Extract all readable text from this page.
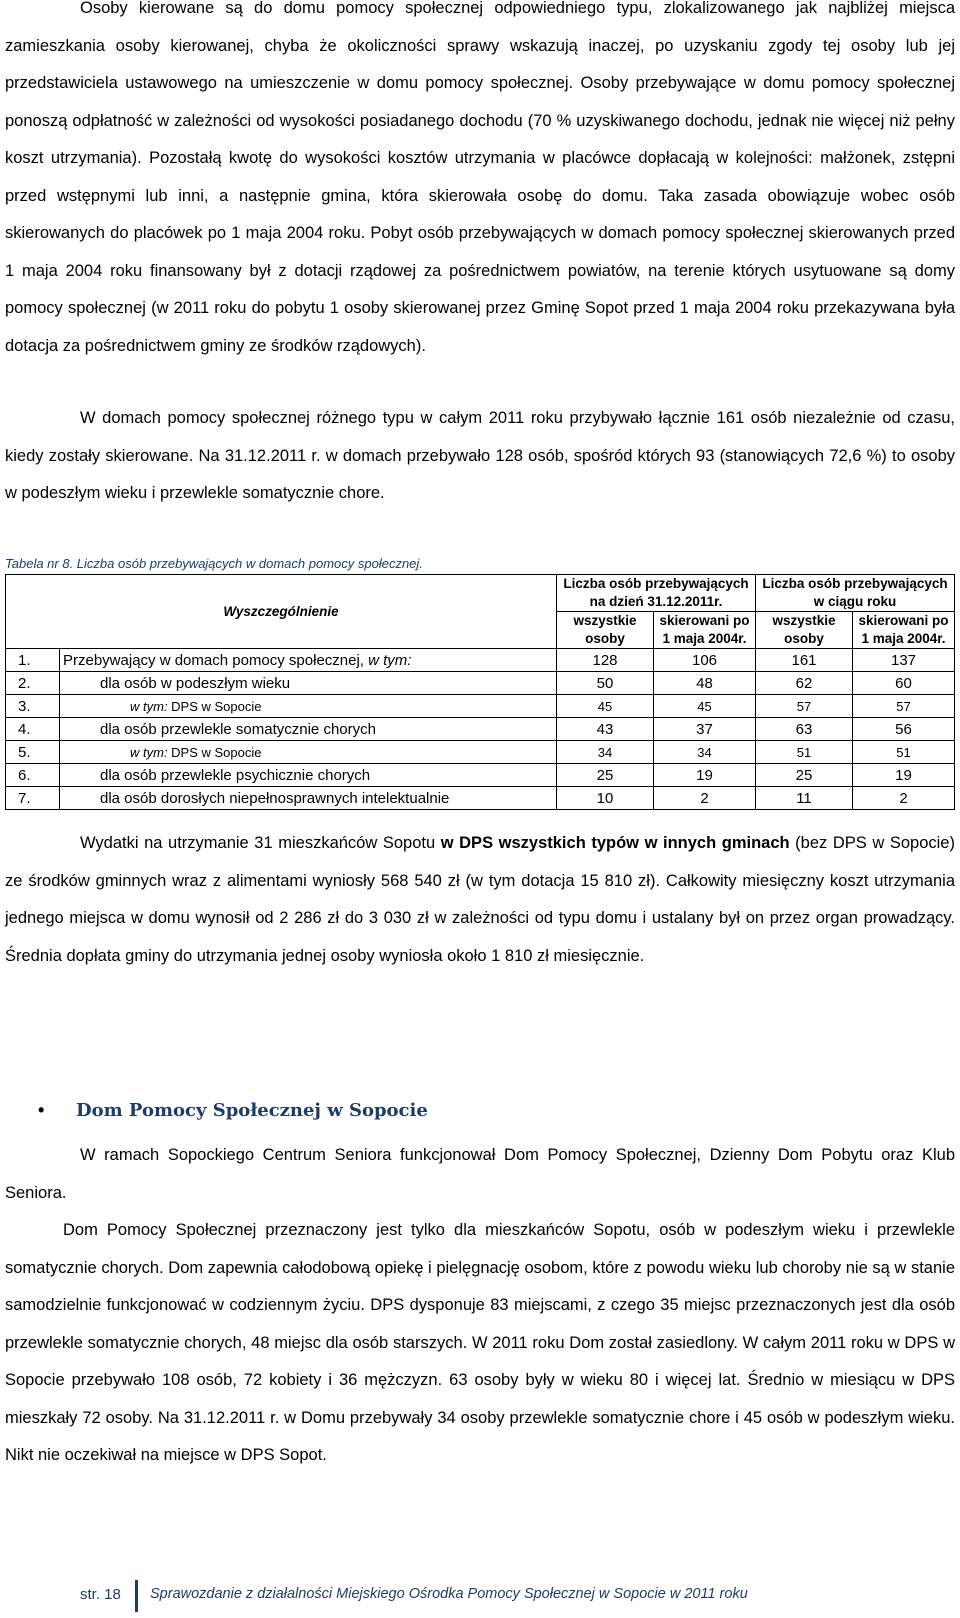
Osoby kierowane są do domu pomocy społecznej odpowiedniego typu, zlokalizowanego jak najbliżej miejsca zamieszkania osoby kierowanej, chyba że okoliczności sprawy wskazują inaczej, po uzyskaniu zgody tej osoby lub jej przedstawiciela ustawowego na umieszczenie w domu pomocy społecznej. Osoby przebywające w domu pomocy społecznej ponoszą odpłatność w zależności od wysokości posiadanego dochodu (70 % uzyskiwanego dochodu, jednak nie więcej niż pełny koszt utrzymania). Pozostałą kwotę do wysokości kosztów utrzymania w placówce dopłacają w kolejności: małżonek, zstępni przed wstępnymi lub inni, a następnie gmina, która skierowała osobę do domu. Taka zasada obowiązuje wobec osób skierowanych do placówek po 1 maja 2004 roku. Pobyt osób przebywających w domach pomocy społecznej skierowanych przed 1 maja 2004 roku finansowany był z dotacji rządowej za pośrednictwem powiatów, na terenie których usytuowane są domy pomocy społecznej (w 2011 roku do pobytu 1 osoby skierowanej przez Gminę Sopot przed 1 maja 2004 roku przekazywana była dotacja za pośrednictwem gminy ze środków rządowych).

W domach pomocy społecznej różnego typu w całym 2011 roku przybywało łącznie 161 osób niezależnie od czasu, kiedy zostały skierowane. Na 31.12.2011 r. w domach przebywało 128 osób, spośród których 93 (stanowiących 72,6 %) to osoby w podeszłym wieku i przewlekle somatycznie chore.

Tabela nr 8. Liczba osób przebywających w domach pomocy społecznej.
Wyszczególnienie		Liczba osób przebywających na dzień 31.12.2011r.		Liczba osób przebywających w ciągu roku	
		wszystkie osoby	skierowani po 1 maja 2004r.	wszystkie osoby	skierowani po 1 maja 2004r.
1.	Przebywający w domach pomocy społecznej, w tym:	128	106	161	137
2.	dla osób w podeszłym wieku	50	48	62	60
3.	w tym: DPS w Sopocie	45	45	57	57
4.	dla osób przewlekle somatycznie chorych	43	37	63	56
5.	w tym: DPS w Sopocie	34	34	51	51
6.	dla osób przewlekle psychicznie chorych	25	19	25	19
7.	dla osób dorosłych niepełnosprawnych intelektualnie	10	2	11	2

Wydatki na utrzymanie 31 mieszkańców Sopotu w DPS wszystkich typów w innych gminach (bez DPS w Sopocie) ze środków gminnych wraz z alimentami wyniosły 568 540 zł (w tym dotacja 15 810 zł). Całkowity miesięczny koszt utrzymania jednego miejsca w domu wynosił od 2 286 zł do 3 030 zł w zależności od typu domu i ustalany był on przez organ prowadzący. Średnia dopłata gminy do utrzymania jednej osoby wyniosła około 1 810 zł miesięcznie.

• Dom Pomocy Społecznej w Sopocie

W ramach Sopockiego Centrum Seniora funkcjonował Dom Pomocy Społecznej, Dzienny Dom Pobytu oraz Klub Seniora.

Dom Pomocy Społecznej przeznaczony jest tylko dla mieszkańców Sopotu, osób w podeszłym wieku i przewlekle somatycznie chorych. Dom zapewnia całodobową opiekę i pielęgnację osobom, które z powodu wieku lub choroby nie są w stanie samodzielnie funkcjonować w codziennym życiu. DPS dysponuje 83 miejscami, z czego 35 miejsc przeznaczonych jest dla osób przewlekle somatycznie chorych, 48 miejsc dla osób starszych. W 2011 roku Dom został zasiedlony. W całym 2011 roku w DPS w Sopocie przebywało 108 osób, 72 kobiety i 36 mężczyzn. 63 osoby były w wieku 80 i więcej lat. Średnio w miesiącu w DPS mieszkały 72 osoby. Na 31.12.2011 r. w Domu przebywały 34 osoby przewlekle somatycznie chore i 45 osób w podeszłym wieku. Nikt nie oczekiwał na miejsce w DPS Sopot.

str. 18 Sprawozdanie z działalności Miejskiego Ośrodka Pomocy Społecznej w Sopocie w 2011 roku
